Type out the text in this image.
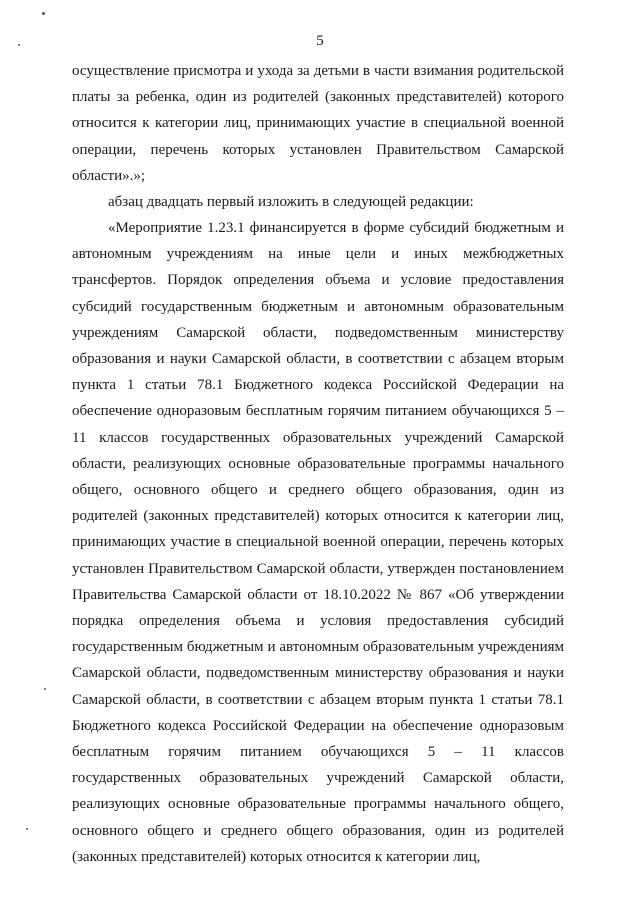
5

осуществление присмотра и ухода за детьми в части взимания родительской платы за ребенка, один из родителей (законных представителей) которого относится к категории лиц, принимающих участие в специальной военной операции, перечень которых установлен Правительством Самарской области».»;

абзац двадцать первый изложить в следующей редакции:

«Мероприятие 1.23.1 финансируется в форме субсидий бюджетным и автономным учреждениям на иные цели и иных межбюджетных трансфертов. Порядок определения объема и условие предоставления субсидий государственным бюджетным и автономным образовательным учреждениям Самарской области, подведомственным министерству образования и науки Самарской области, в соответствии с абзацем вторым пункта 1 статьи 78.1 Бюджетного кодекса Российской Федерации на обеспечение одноразовым бесплатным горячим питанием обучающихся 5 – 11 классов государственных образовательных учреждений Самарской области, реализующих основные образовательные программы начального общего, основного общего и среднего общего образования, один из родителей (законных представителей) которых относится к категории лиц, принимающих участие в специальной военной операции, перечень которых установлен Правительством Самарской области, утвержден постановлением Правительства Самарской области от 18.10.2022 № 867 «Об утверждении порядка определения объема и условия предоставления субсидий государственным бюджетным и автономным образовательным учреждениям Самарской области, подведомственным министерству образования и науки Самарской области, в соответствии с абзацем вторым пункта 1 статьи 78.1 Бюджетного кодекса Российской Федерации на обеспечение одноразовым бесплатным горячим питанием обучающихся 5 – 11 классов государственных образовательных учреждений Самарской области, реализующих основные образовательные программы начального общего, основного общего и среднего общего образования, один из родителей (законных представителей) которых относится к категории лиц,
